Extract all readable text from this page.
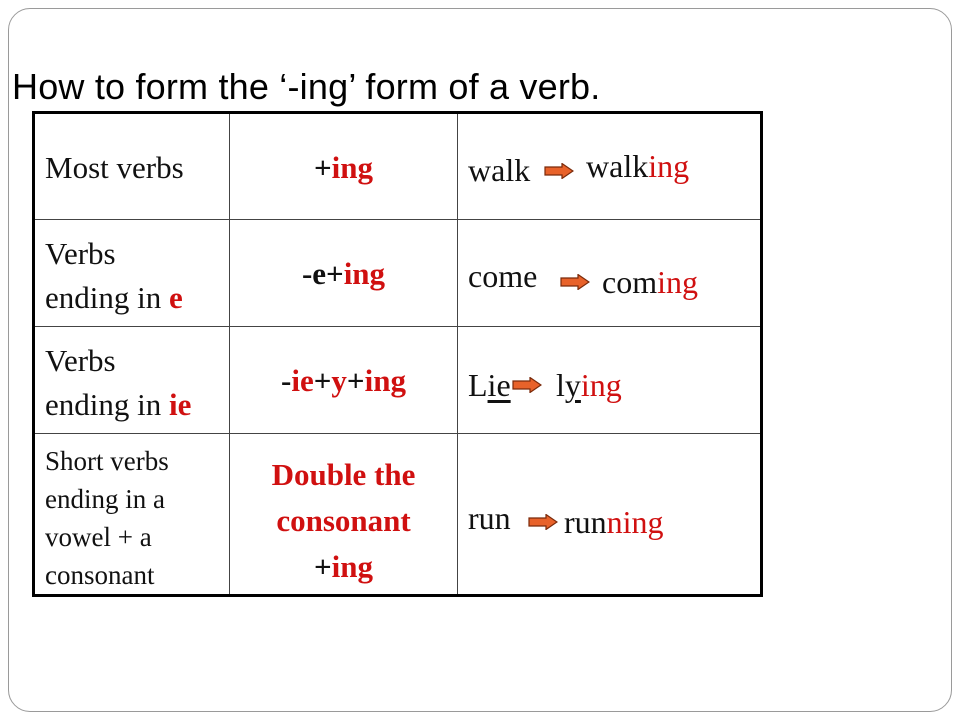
How to form the ‘-ing’ form of a verb.
Most verbs	+ing	walk walking

Verbs
ending in e	-e+ing	come coming

Verbs
ending in ie	-ie+y+ing	Lie lying

Short verbs
ending in a
vowel + a
consonant	Double the
consonant
+ing	run running
